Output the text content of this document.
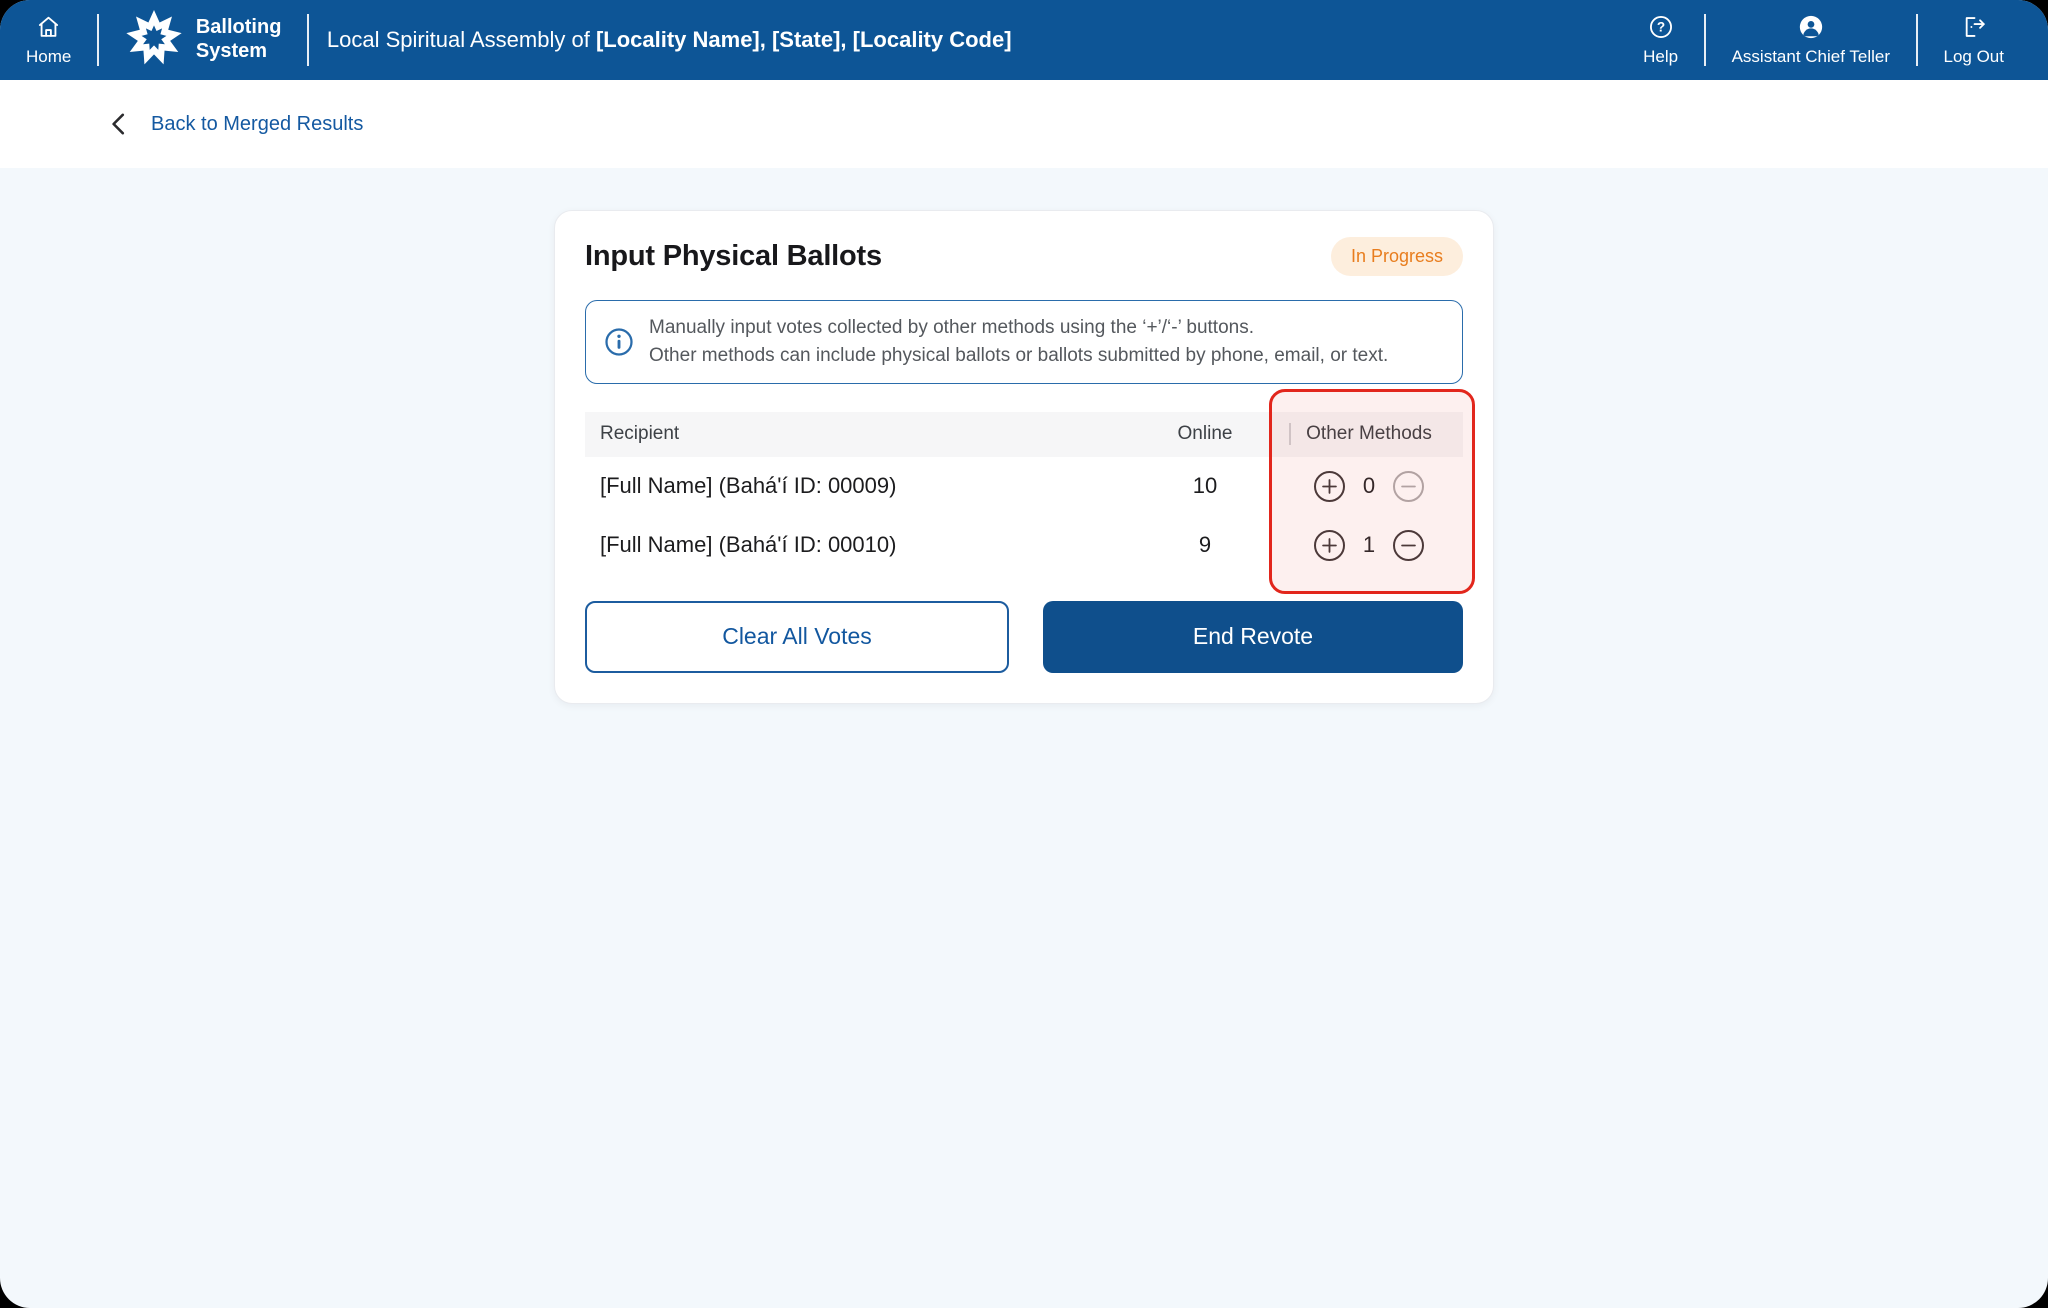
Home
Balloting
System	Local Spiritual Assembly of [Locality Name], [State], [Locality Code]
?
Help	Assistant Chief Teller	Log Out
Back to Merged Results
Input Physical Ballots	In Progress
Manually input votes collected by other methods using the ‘+’/‘-’ buttons.
Other methods can include physical ballots or ballots submitted by phone, email, or text.
Recipient	Online	Other Methods
[Full Name] (Bahá'í ID: 00009)	10	0
[Full Name] (Bahá'í ID: 00010)	9	1
Clear All Votes	End Revote
